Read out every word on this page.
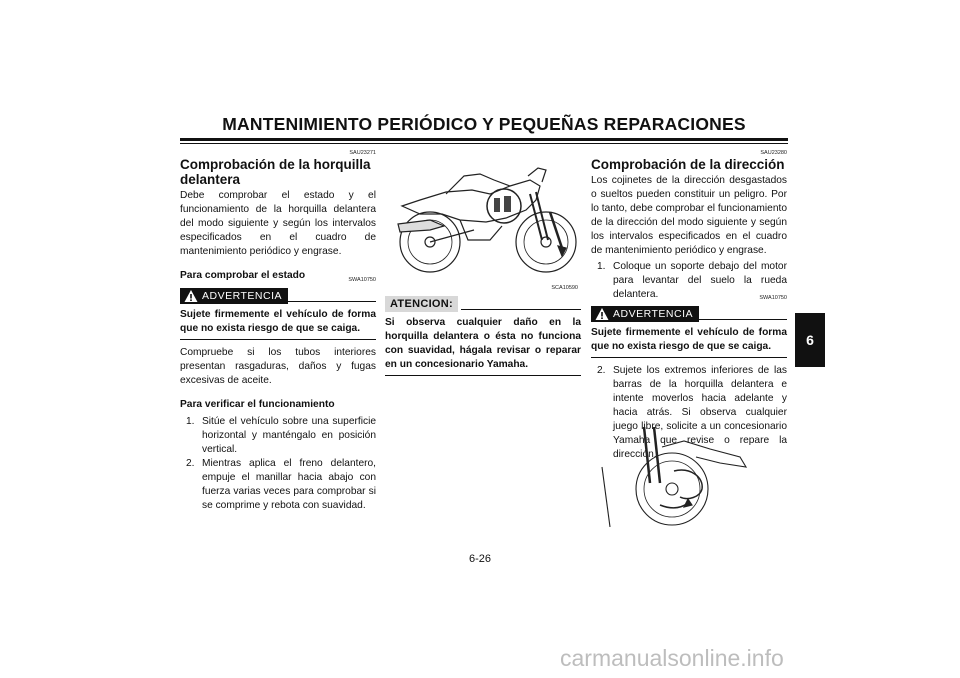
MANTENIMIENTO PERIÓDICO Y PEQUEÑAS REPARACIONES
SAU23271
Comprobación de la horquilla delantera

Debe comprobar el estado y el funcionamiento de la horquilla delantera del modo siguiente y según los intervalos especificados en el cuadro de mantenimiento periódico y engrase.

Para comprobar el estado	SWA10750
ADVERTENCIA
Sujete firmemente el vehículo de forma que no exista riesgo de que se caiga.

Compruebe si los tubos interiores presentan rasgaduras, daños y fugas excesivas de aceite.

Para verificar el funcionamiento
1. Sitúe el vehículo sobre una superficie horizontal y manténgalo en posición vertical.
2. Mientras aplica el freno delantero, empuje el manillar hacia abajo con fuerza varias veces para comprobar si se comprime y rebota con suavidad.
SCA10590
ATENCION:
Si observa cualquier daño en la horquilla delantera o ésta no funciona con suavidad, hágala revisar o reparar en un concesionario Yamaha.
SAU23280
Comprobación de la dirección

Los cojinetes de la dirección desgastados o sueltos pueden constituir un peligro. Por lo tanto, debe comprobar el funcionamiento de la dirección del modo siguiente y según los intervalos especificados en el cuadro de mantenimiento periódico y engrase.

1. Coloque un soporte debajo del motor para levantar del suelo la rueda delantera.	SWA10750
ADVERTENCIA
Sujete firmemente el vehículo de forma que no exista riesgo de que se caiga.
2. Sujete los extremos inferiores de las barras de la horquilla delantera e intente moverlos hacia adelante y hacia atrás. Si observa cualquier juego libre, solicite a un concesionario Yamaha que revise o repare la dirección.
6
6-26
carmanualsonline.info
